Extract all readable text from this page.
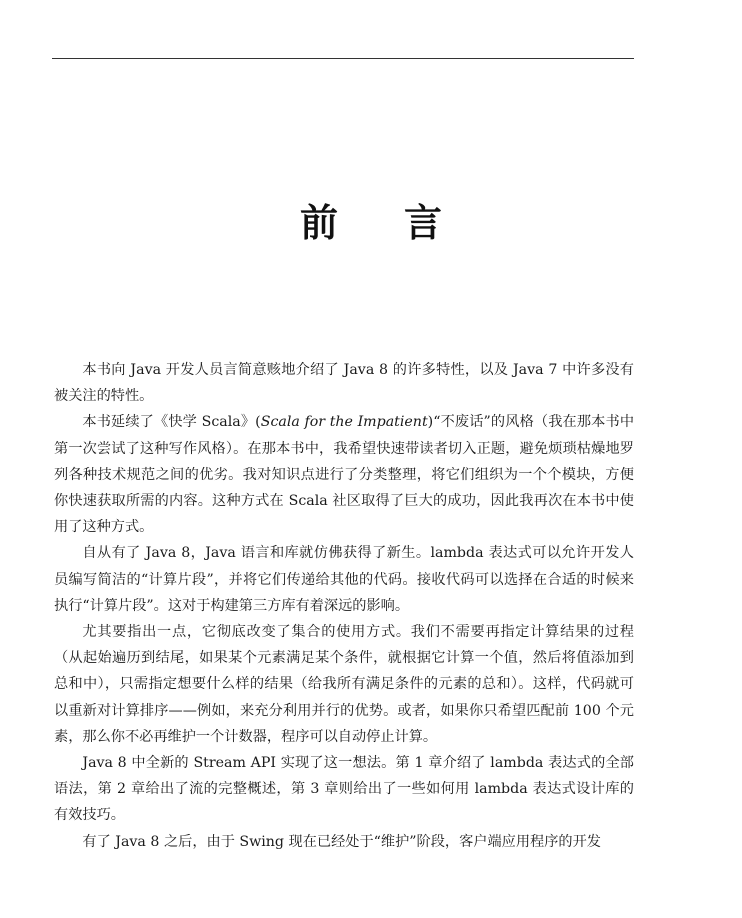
前言

本书向 Java 开发人员言简意赅地介绍了 Java 8 的许多特性，以及 Java 7 中许多没有被关注的特性。

本书延续了《快学 Scala》(Scala for the Impatient)“不废话”的风格（我在那本书中第一次尝试了这种写作风格）。在那本书中，我希望快速带读者切入正题，避免烦琐枯燥地罗列各种技术规范之间的优劣。我对知识点进行了分类整理，将它们组织为一个个模块，方便你快速获取所需的内容。这种方式在 Scala 社区取得了巨大的成功，因此我再次在本书中使用了这种方式。

自从有了 Java 8，Java 语言和库就仿佛获得了新生。lambda 表达式可以允许开发人员编写简洁的“计算片段”，并将它们传递给其他的代码。接收代码可以选择在合适的时候来执行“计算片段”。这对于构建第三方库有着深远的影响。

尤其要指出一点，它彻底改变了集合的使用方式。我们不需要再指定计算结果的过程（从起始遍历到结尾，如果某个元素满足某个条件，就根据它计算一个值，然后将值添加到总和中），只需指定想要什么样的结果（给我所有满足条件的元素的总和）。这样，代码就可以重新对计算排序——例如，来充分利用并行的优势。或者，如果你只希望匹配前 100 个元素，那么你不必再维护一个计数器，程序可以自动停止计算。

Java 8 中全新的 Stream API 实现了这一想法。第 1 章介绍了 lambda 表达式的全部语法，第 2 章给出了流的完整概述，第 3 章则给出了一些如何用 lambda 表达式设计库的有效技巧。

有了 Java 8 之后，由于 Swing 现在已经处于“维护”阶段，客户端应用程序的开发
